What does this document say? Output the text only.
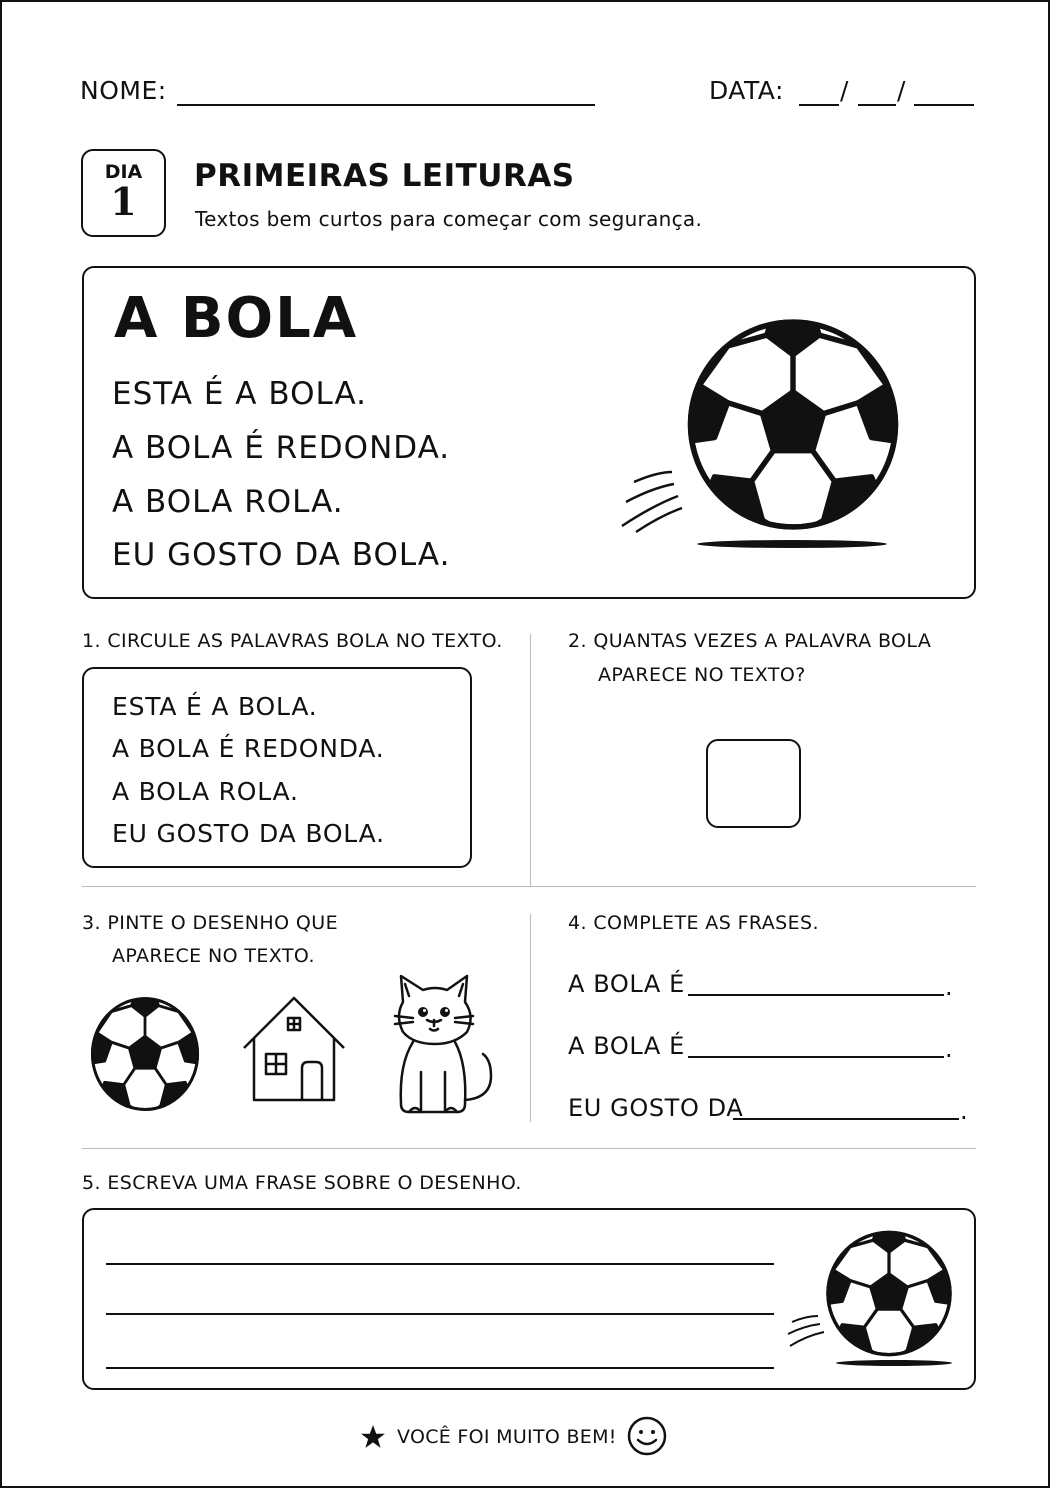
NOME:	DATA: / /
DIA
1
PRIMEIRAS LEITURAS
Textos bem curtos para começar com segurança.
A BOLA
ESTA É A BOLA.
A BOLA É REDONDA.
A BOLA ROLA.
EU GOSTO DA BOLA.
1. CIRCULE AS PALAVRAS BOLA NO TEXTO.
ESTA É A BOLA.
A BOLA É REDONDA.
A BOLA ROLA.
EU GOSTO DA BOLA.
2. QUANTAS VEZES A PALAVRA BOLA
APARECE NO TEXTO?
3. PINTE O DESENHO QUE
APARECE NO TEXTO.
4. COMPLETE AS FRASES.
A BOLA É	.
A BOLA É	.
EU GOSTO DA	.
5. ESCREVA UMA FRASE SOBRE O DESENHO.
VOCÊ FOI MUITO BEM!
